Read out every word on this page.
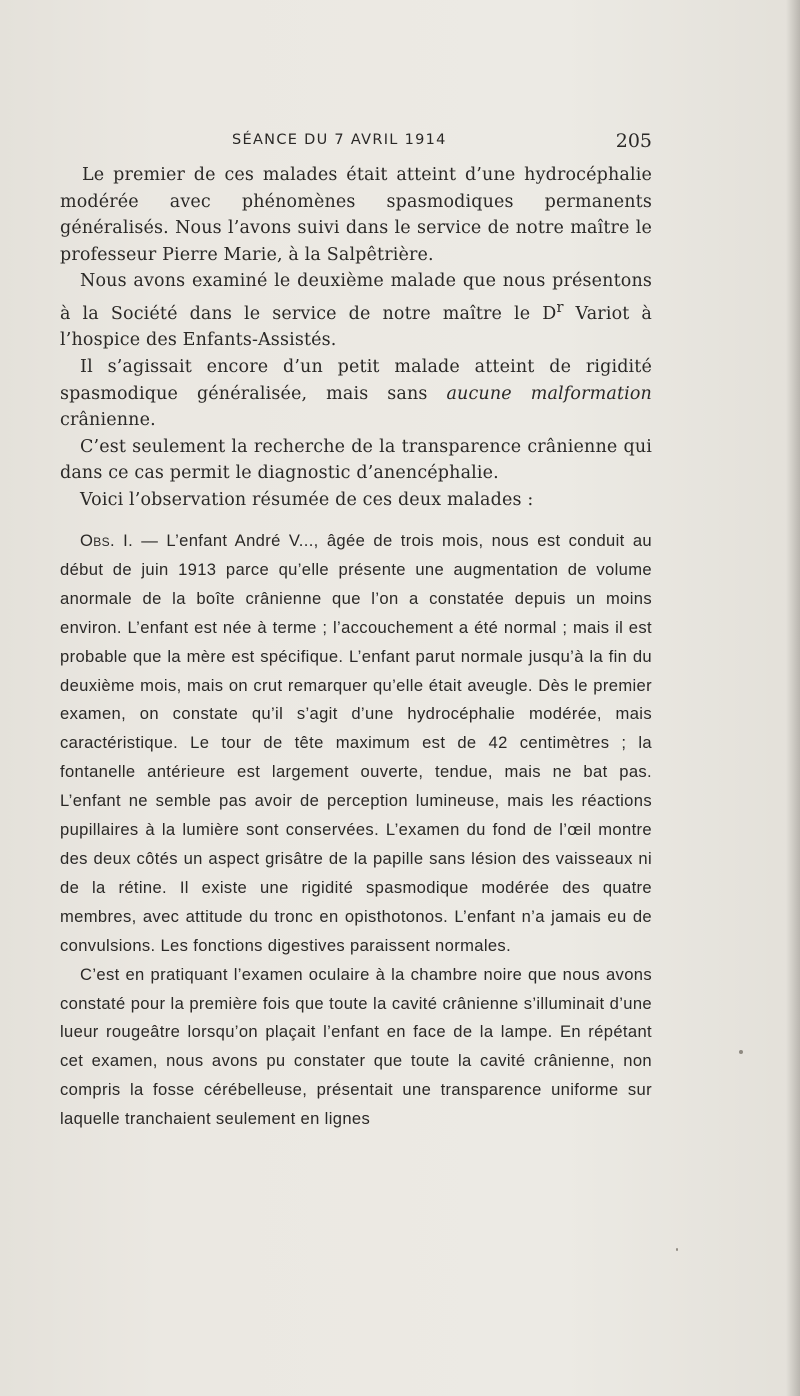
SÉANCE DU 7 AVRIL 1914	205

Le premier de ces malades était atteint d’une hydrocéphalie modérée avec phénomènes spasmodiques permanents généralisés. Nous l’avons suivi dans le service de notre maître le professeur Pierre Marie, à la Salpêtrière.

Nous avons examiné le deuxième malade que nous présentons à la Société dans le service de notre maître le $D^r$ Variot à l’hospice des Enfants-Assistés.

Il s’agissait encore d’un petit malade atteint de rigidité spasmodique généralisée, mais sans aucune malformation crânienne.

C’est seulement la recherche de la transparence crânienne qui dans ce cas permit le diagnostic d’anencéphalie.

Voici l’observation résumée de ces deux malades :

Obs. I. — L’enfant André V..., âgée de trois mois, nous est conduit au début de juin 1913 parce qu’elle présente une augmentation de volume anormale de la boîte crânienne que l’on a constatée depuis un moins environ. L’enfant est née à terme ; l’accouchement a été normal ; mais il est probable que la mère est spécifique. L’enfant parut normale jusqu’à la fin du deuxième mois, mais on crut remarquer qu’elle était aveugle. Dès le premier examen, on constate qu’il s’agit d’une hydrocéphalie modérée, mais caractéristique. Le tour de tête maximum est de 42 centimètres ; la fontanelle antérieure est largement ouverte, tendue, mais ne bat pas. L’enfant ne semble pas avoir de perception lumineuse, mais les réactions pupillaires à la lumière sont conservées. L’examen du fond de l’œil montre des deux côtés un aspect grisâtre de la papille sans lésion des vaisseaux ni de la rétine. Il existe une rigidité spasmodique modérée des quatre membres, avec attitude du tronc en opisthotonos. L’enfant n’a jamais eu de convulsions. Les fonctions digestives paraissent normales.

C’est en pratiquant l’examen oculaire à la chambre noire que nous avons constaté pour la première fois que toute la cavité crânienne s’illuminait d’une lueur rougeâtre lorsqu’on plaçait l’enfant en face de la lampe. En répétant cet examen, nous avons pu constater que toute la cavité crânienne, non compris la fosse cérébelleuse, présentait une transparence uniforme sur laquelle tranchaient seulement en lignes
